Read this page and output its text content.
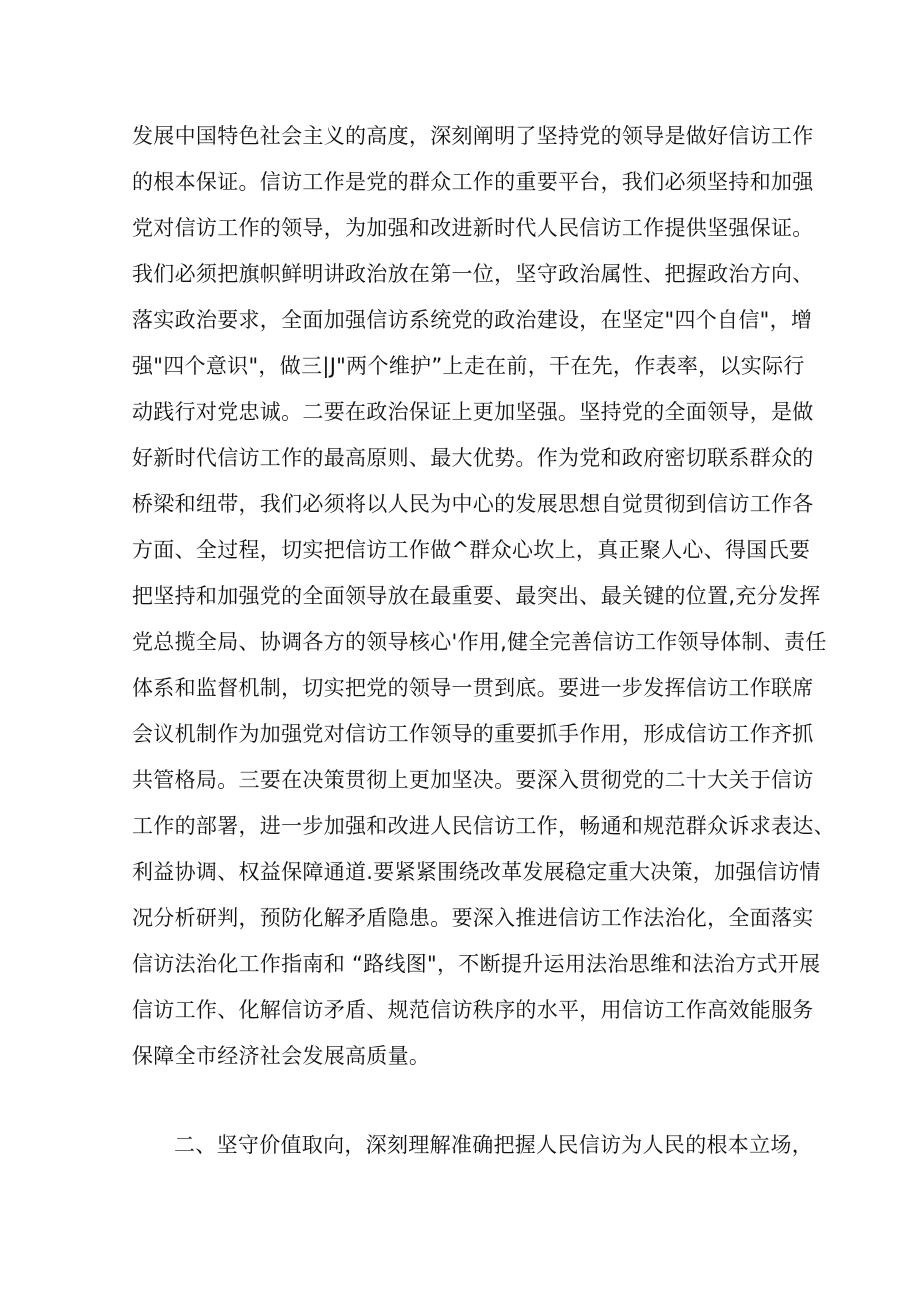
发展中国特色社会主义的高度，深刻阐明了坚持党的领导是做好信访工作
的根本保证。信访工作是党的群众工作的重要平台，我们必须坚持和加强
党对信访工作的领导，为加强和改进新时代人民信访工作提供坚强保证。
我们必须把旗帜鲜明讲政治放在第一位，坚守政治属性、把握政治方向、
落实政治要求，全面加强信访系统党的政治建设，在坚定"四个自信"，增
强"四个意识"，做三|J"两个维护”上走在前，干在先，作表率，以实际行
动践行对党忠诚。二要在政治保证上更加坚强。坚持党的全面领导，是做
好新时代信访工作的最高原则、最大优势。作为党和政府密切联系群众的
桥梁和纽带，我们必须将以人民为中心的发展思想自觉贯彻到信访工作各
方面、全过程，切实把信访工作做^群众心坎上，真正聚人心、得国氏要
把坚持和加强党的全面领导放在最重要、最突出、最关键的位置,充分发挥
党总揽全局、协调各方的领导核心'作用,健全完善信访工作领导体制、责任
体系和监督机制，切实把党的领导一贯到底。要进一步发挥信访工作联席
会议机制作为加强党对信访工作领导的重要抓手作用，形成信访工作齐抓
共管格局。三要在决策贯彻上更加坚决。要深入贯彻党的二十大关于信访
工作的部署，进一步加强和改进人民信访工作，畅通和规范群众诉求表达、
利益协调、权益保障通道.要紧紧围绕改革发展稳定重大决策，加强信访情
况分析研判，预防化解矛盾隐患。要深入推进信访工作法治化，全面落实
信访法治化工作指南和 “路线图"，不断提升运用法治思维和法治方式开展
信访工作、化解信访矛盾、规范信访秩序的水平，用信访工作高效能服务
保障全市经济社会发展高质量。
二、坚守价值取向，深刻理解准确把握人民信访为人民的根本立场，
